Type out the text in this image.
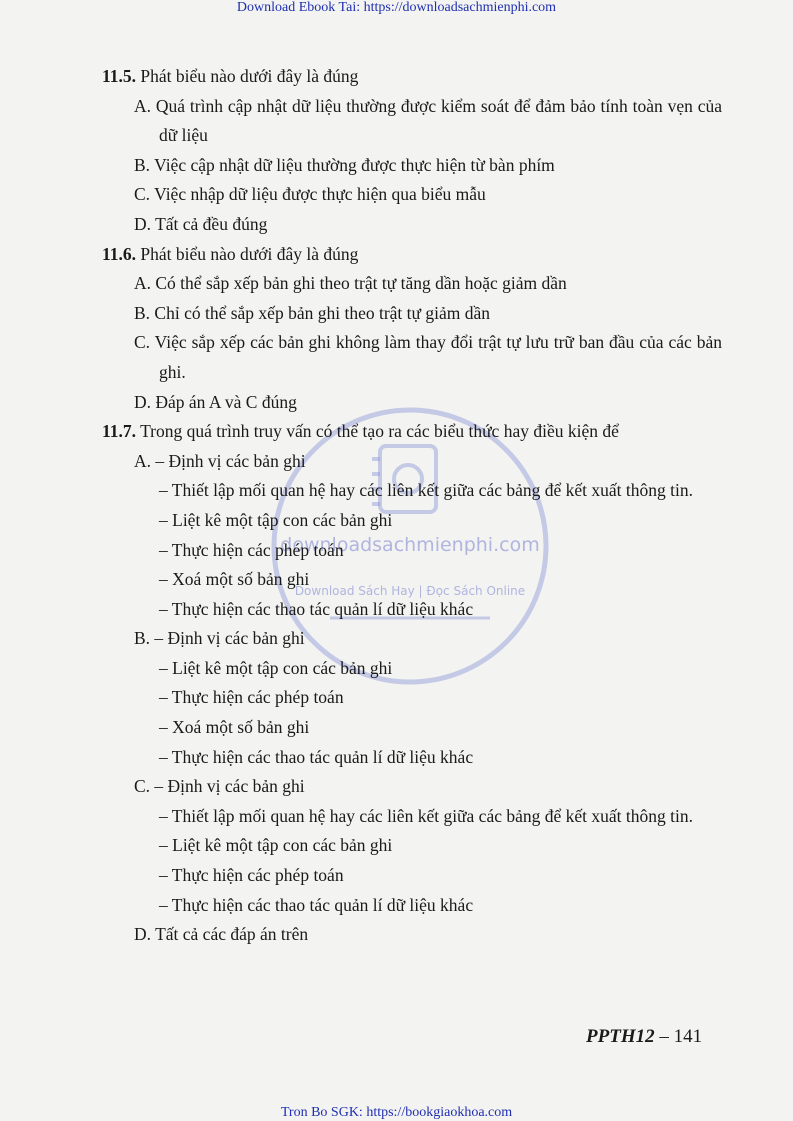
Download Ebook Tai: https://downloadsachmienphi.com
downloadsachmienphi.com
Download Sách Hay | Đọc Sách Online
11.5. Phát biểu nào dưới đây là đúng
A. Quá trình cập nhật dữ liệu thường được kiểm soát để đảm bảo tính toàn vẹn của dữ liệu
B. Việc cập nhật dữ liệu thường được thực hiện từ bàn phím
C. Việc nhập dữ liệu được thực hiện qua biểu mẫu
D. Tất cả đều đúng
11.6. Phát biểu nào dưới đây là đúng
A. Có thể sắp xếp bản ghi theo trật tự tăng dần hoặc giảm dần
B. Chỉ có thể sắp xếp bản ghi theo trật tự giảm dần
C. Việc sắp xếp các bản ghi không làm thay đổi trật tự lưu trữ ban đầu của các bản ghi.
D. Đáp án A và C đúng
11.7. Trong quá trình truy vấn có thể tạo ra các biểu thức hay điều kiện để
A. – Định vị các bản ghi
– Thiết lập mối quan hệ hay các liên kết giữa các bảng để kết xuất thông tin.
– Liệt kê một tập con các bản ghi
– Thực hiện các phép toán
– Xoá một số bản ghi
– Thực hiện các thao tác quản lí dữ liệu khác
B. – Định vị các bản ghi
– Liệt kê một tập con các bản ghi
– Thực hiện các phép toán
– Xoá một số bản ghi
– Thực hiện các thao tác quản lí dữ liệu khác
C. – Định vị các bản ghi
– Thiết lập mối quan hệ hay các liên kết giữa các bảng để kết xuất thông tin.
– Liệt kê một tập con các bản ghi
– Thực hiện các phép toán
– Thực hiện các thao tác quản lí dữ liệu khác
D. Tất cả các đáp án trên
PPTH12 – 141
Tron Bo SGK: https://bookgiaokhoa.com
